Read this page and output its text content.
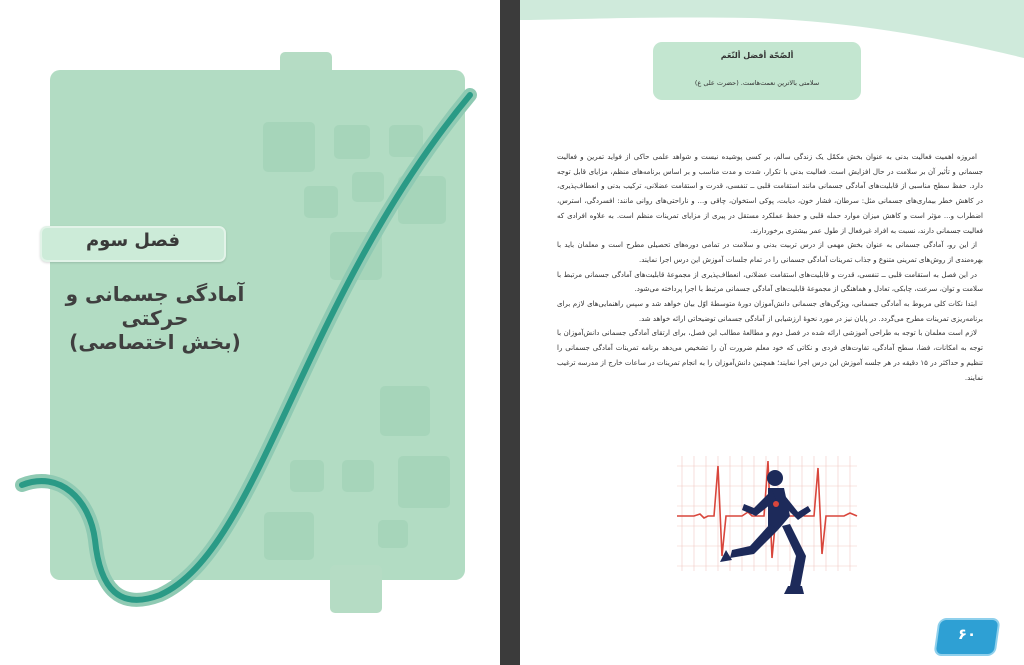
فصل سوم
آمادگی جسمانی و حرکتی
(بخش اختصاصی)
ألصّحّة أفضل ألنّعَم
سلامتی بالاترین نعمت‌هاست. (حضرت علی ع)

امروزه اهمیت فعالیت بدنی به عنوان بخش مکمّل یک زندگی سالم، بر کسی پوشیده نیست و شواهد علمی حاکی از فواید تمرین و فعالیت جسمانی و تأثیر آن بر سلامت در حال افزایش است. فعالیت بدنی با تکرار، شدت و مدت مناسب و بر اساس برنامه‌های منظم، مزایای قابل توجه دارد. حفظ سطح مناسبی از قابلیت‌های آمادگی جسمانی مانند استقامت قلبی ــ تنفسی، قدرت و استقامت عضلانی، ترکیب بدنی و انعطاف‌پذیری، در کاهش خطر بیماری‌های جسمانی مثل: سرطان، فشار خون، دیابت، پوکی استخوان، چاقی و... و ناراحتی‌های روانی مانند: افسردگی، استرس، اضطراب و... مؤثر است و کاهش میزان موارد حمله قلبی و حفظ عملکرد مستقل در پیری از مزایای تمرینات منظم است. به علاوه افرادی که فعالیت جسمانی دارند، نسبت به افراد غیرفعال از طول عمر بیشتری برخوردارند.

از این رو، آمادگی جسمانی به عنوان بخش مهمی از درس تربیت بدنی و سلامت در تمامی دوره‌های تحصیلی مطرح است و معلمان باید با بهره‌مندی از روش‌های تمرینی متنوع و جذاب تمرینات آمادگی جسمانی را در تمام جلسات آموزش این درس اجرا نمایند.

در این فصل به استقامت قلبی ــ تنفسی، قدرت و قابلیت‌های استقامت عضلانی، انعطاف‌پذیری از مجموعهٔ قابلیت‌های آمادگی جسمانی مرتبط با سلامت و توان، سرعت، چابکی، تعادل و هماهنگی از مجموعهٔ قابلیت‌های آمادگی جسمانی مرتبط با اجرا پرداخته می‌شود.

ابتدا نکات کلی مربوط به آمادگی جسمانی، ویژگی‌های جسمانی دانش‌آموزان دورهٔ متوسطهٔ اوّل بیان خواهد شد و سپس راهنمایی‌های لازم برای برنامه‌ریزی تمرینات مطرح می‌گردد. در پایان نیز در مورد نحوهٔ ارزشیابی از آمادگی جسمانی توضیحاتی ارائه خواهد شد.

لازم است معلمان با توجه به طراحی آموزشی ارائه شده در فصل دوم و مطالعهٔ مطالب این فصل، برای ارتقای آمادگی جسمانی دانش‌آموزان با توجه به امکانات، فضا، سطح آمادگی، تفاوت‌های فردی و نکاتی که خود معلم ضرورت آن را تشخیص می‌دهد برنامه تمرینات آمادگی جسمانی را تنظیم و حداکثر در ۱۵ دقیقه در هر جلسه آموزش این درس اجرا نمایند؛ همچنین دانش‌آموزان را به انجام تمرینات در ساعات خارج از مدرسه ترغیب نمایند.

۶۰
